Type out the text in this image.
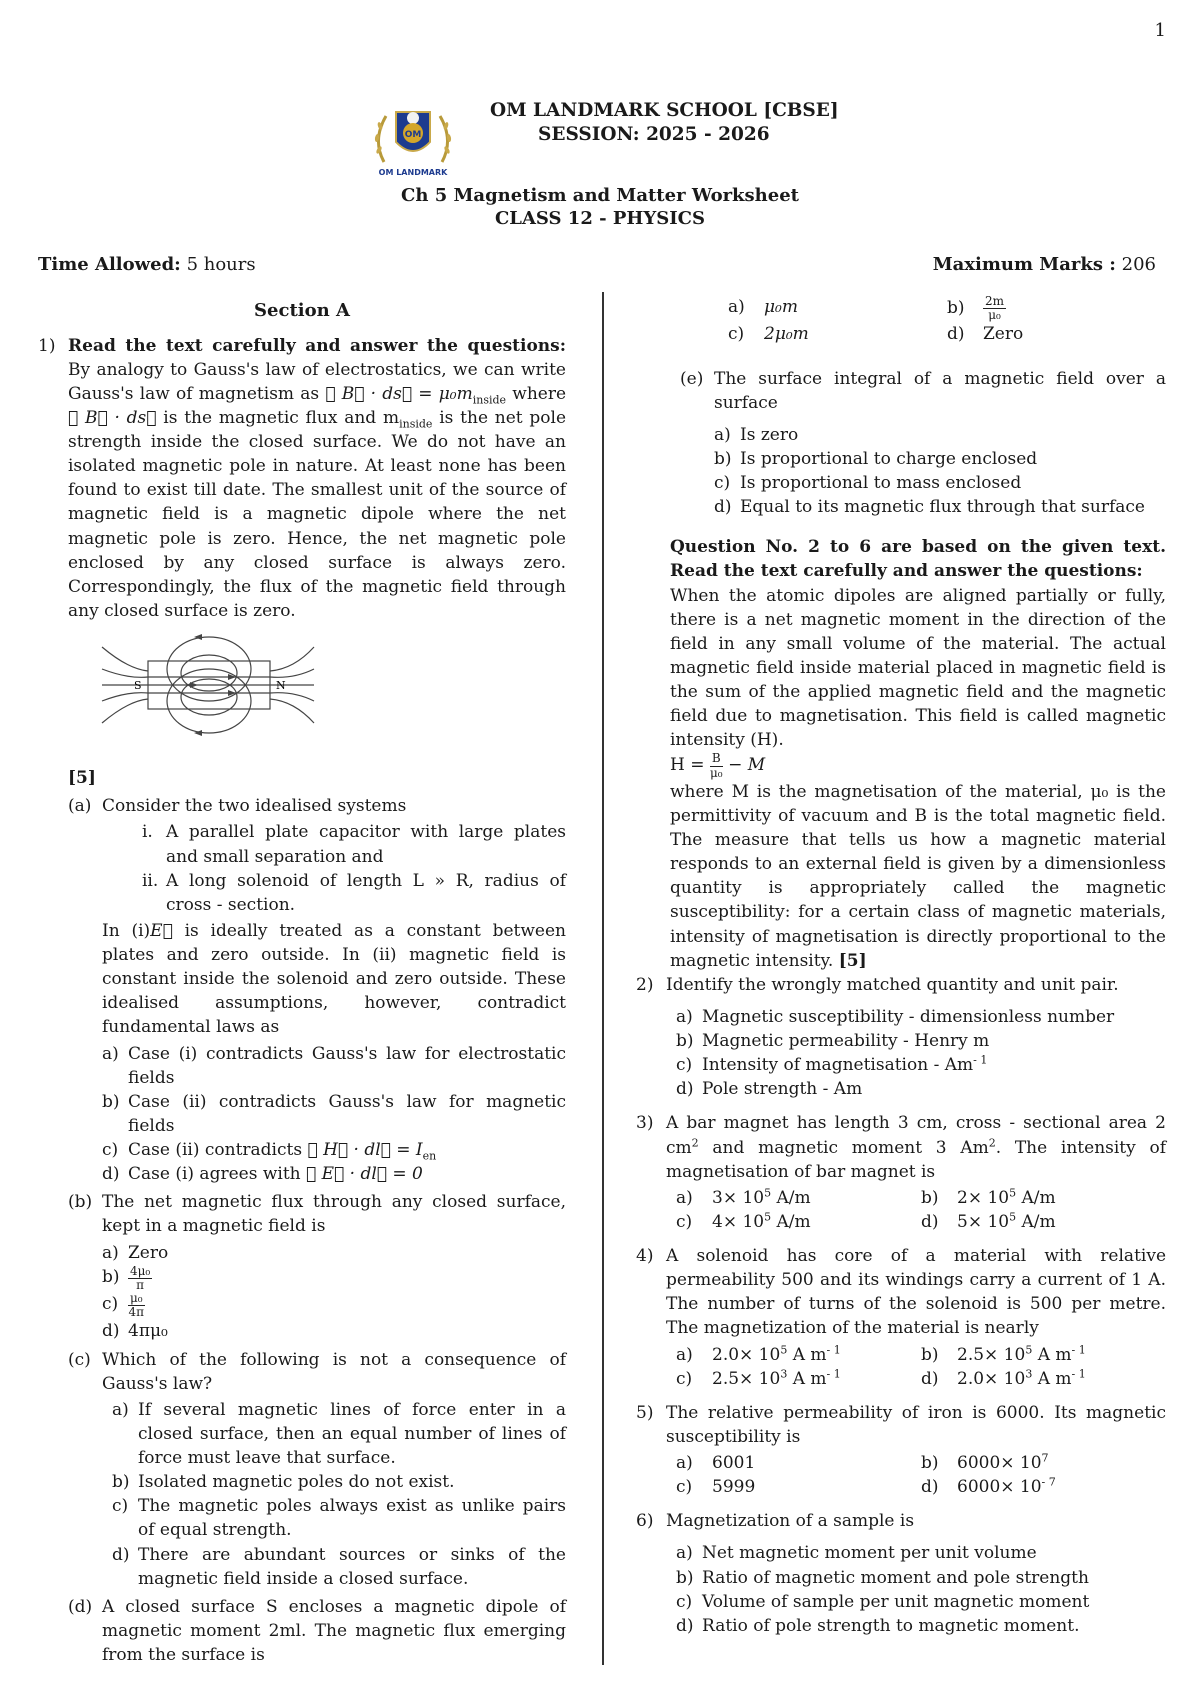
1
OM
OM LANDMARK
OM LANDMARK SCHOOL [CBSE]
SESSION: 2025 - 2026
Ch 5 Magnetism and Matter Worksheet
CLASS 12 - PHYSICS
Time Allowed: 5 hours	Maximum Marks : 206
Section A
1) Read the text carefully and answer the questions: By analogy to Gauss's law of electrostatics, we can write Gauss's law of magnetism as ∮ B⃗ · ds⃗ = $\mu_0m_{inside}$ where ∮ B⃗ · ds⃗ is the magnetic flux and $m_{inside}$ is the net pole strength inside the closed surface. We do not have an isolated magnetic pole in nature. At least none has been found to exist till date. The smallest unit of the source of magnetic field is a magnetic dipole where the net magnetic pole is zero. Hence, the net magnetic pole enclosed by any closed surface is always zero. Correspondingly, the flux of the magnetic field through any closed surface is zero.

S	N
[5]
(a) Consider the two idealised systems
i. A parallel plate capacitor with large plates and small separation and
ii. A long solenoid of length L » R, radius of cross - section.

In (i)E⃗ is ideally treated as a constant between plates and zero outside. In (ii) magnetic field is constant inside the solenoid and zero outside. These idealised assumptions, however, contradict fundamental laws as

a) Case (i) contradicts Gauss's law for electrostatic fields
b) Case (ii) contradicts Gauss's law for magnetic fields
c) Case (ii) contradicts ∮ H⃗ · dl⃗ = $I_{en}$
d) Case (i) agrees with ∮ E⃗ · dl⃗ = 0
(b) The net magnetic flux through any closed surface, kept in a magnetic field is
a) Zero
$b) \frac{\text{4μ₀}}{\pi}$
$c) \frac{\text{μ₀}}{4\pi}$
d) 4πμ₀
(c) Which of the following is not a consequence of Gauss's law?
a) If several magnetic lines of force enter in a closed surface, then an equal number of lines of force must leave that surface.
b) Isolated magnetic poles do not exist.
c) The magnetic poles always exist as unlike pairs of equal strength.
d) There are abundant sources or sinks of the magnetic field inside a closed surface.
(d) A closed surface S encloses a magnetic dipole of magnetic moment 2ml. The magnetic flux emerging from the surface is
a) μ₀m	$b) \frac{2m}{\text{μ₀}}$
c) 2μ₀m	d) Zero
(e) The surface integral of a magnetic field over a surface
a) Is zero
b) Is proportional to charge enclosed
c) Is proportional to mass enclosed
d) Equal to its magnetic flux through that surface
Question No. 2 to 6 are based on the given text. Read the text carefully and answer the questions:

When the atomic dipoles are aligned partially or fully, there is a net magnetic moment in the direction of the field in any small volume of the material. The actual magnetic field inside material placed in magnetic field is the sum of the applied magnetic field and the magnetic field due to magnetisation. This field is called magnetic intensity (H).

$H = \frac{B}{\text{μ₀}} - M$

where M is the magnetisation of the material, μ₀ is the permittivity of vacuum and B is the total magnetic field. The measure that tells us how a magnetic material responds to an external field is given by a dimensionless quantity is appropriately called the magnetic susceptibility: for a certain class of magnetic materials, intensity of magnetisation is directly proportional to the magnetic intensity. [5]

2) Identify the wrongly matched quantity and unit pair.
a) Magnetic susceptibility - dimensionless number
b) Magnetic permeability - Henry m
c) Intensity of magnetisation - $Am^{- 1}$
d) Pole strength - Am
3) A bar magnet has length 3 cm, cross - sectional area 2 $cm^2$ and magnetic moment 3 Am$^2$. The intensity of magnetisation of bar magnet is
a) $3\times 10^5$ A/m	b) $2\times 10^5$ A/m
c) $4\times 10^5$ A/m	d) $5\times 10^5$ A/m
4) A solenoid has core of a material with relative permeability 500 and its windings carry a current of 1 A. The number of turns of the solenoid is 500 per metre. The magnetization of the material is nearly
a) $2.0\times 10^5$ A $m^{- 1}$	b) $2.5\times 10^5$ A $m^{- 1}$
c) $2.5\times 10^3$ A $m^{- 1}$	d) $2.0\times 10^3$ A $m^{- 1}$
5) The relative permeability of iron is 6000. Its magnetic susceptibility is
a) 6001	b) $6000\times 10^7$
c) 5999	d) $6000\times 10^{- 7}$
6) Magnetization of a sample is
a) Net magnetic moment per unit volume
b) Ratio of magnetic moment and pole strength
c) Volume of sample per unit magnetic moment
d) Ratio of pole strength to magnetic moment.
